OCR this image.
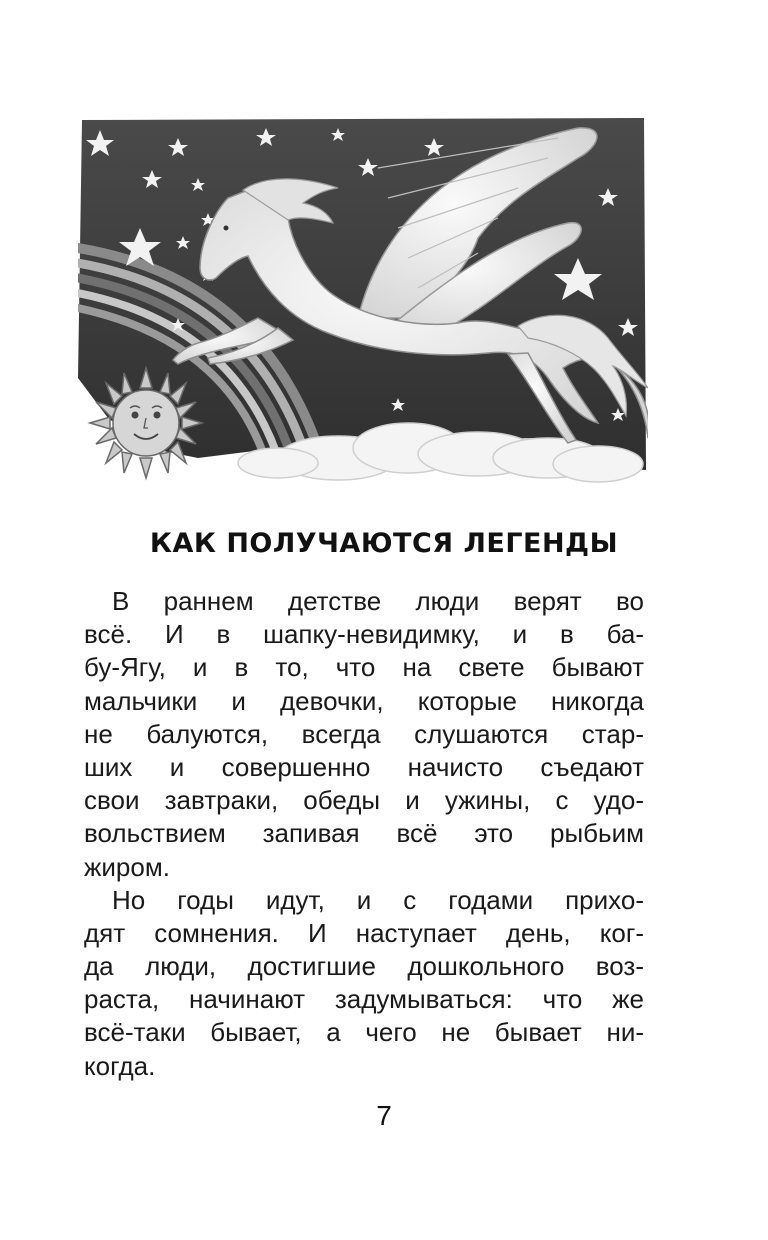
КАК ПОЛУЧАЮТСЯ ЛЕГЕНДЫ
В раннем детстве люди верят во
всё. И в шапку-невидимку, и в ба-
бу-Ягу, и в то, что на свете бывают
мальчики и девочки, которые никогда
не балуются, всегда слушаются стар-
ших и совершенно начисто съедают
свои завтраки, обеды и ужины, с удо-
вольствием запивая всё это рыбьим
жиром.
Но годы идут, и с годами прихо-
дят сомнения. И наступает день, ког-
да люди, достигшие дошкольного воз-
раста, начинают задумываться: что же
всё-таки бывает, а чего не бывает ни-
когда.
7
